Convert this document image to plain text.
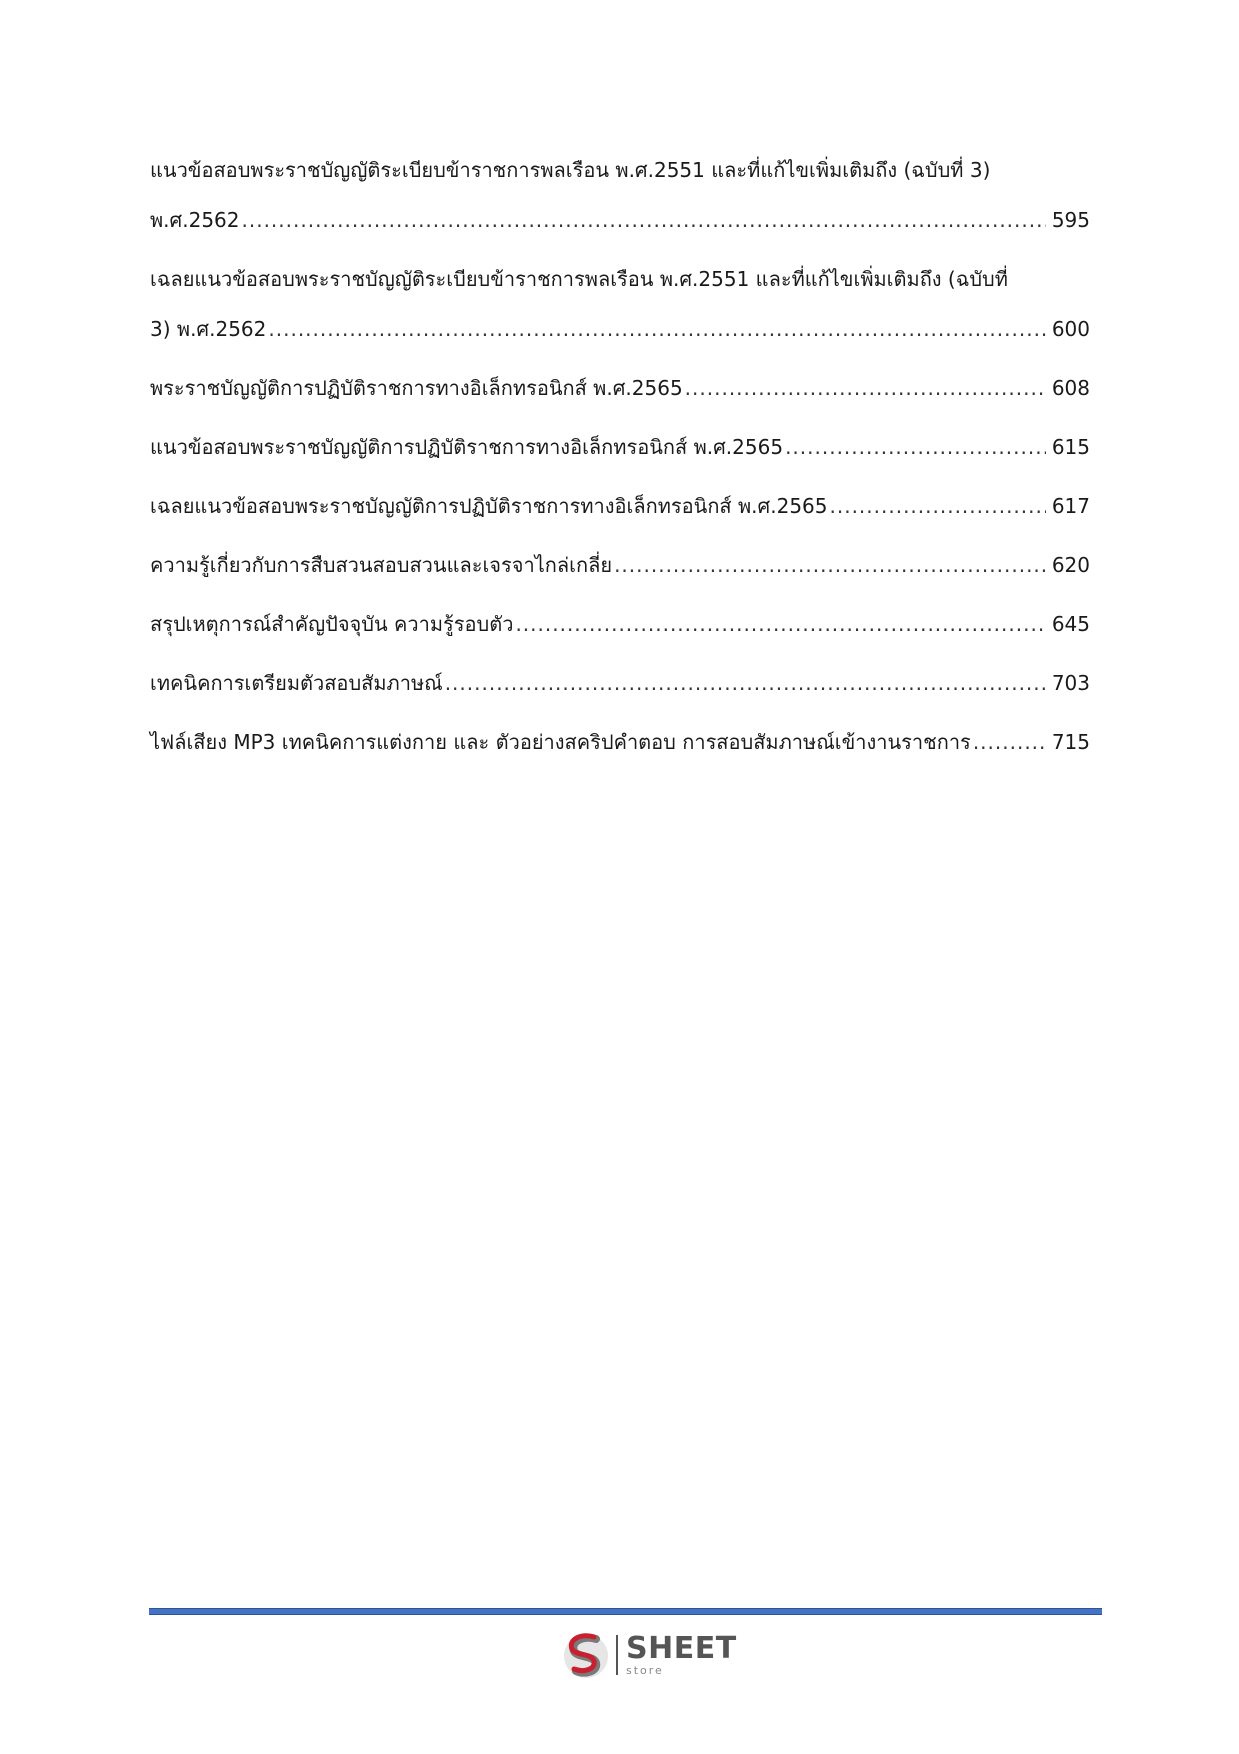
แนวข้อสอบพระราชบัญญัติระเบียบข้าราชการพลเรือน พ.ศ.2551 และที่แก้ไขเพิ่มเติมถึง (ฉบับที่ 3)
พ.ศ.2562 .....	595
เฉลยแนวข้อสอบพระราชบัญญัติระเบียบข้าราชการพลเรือน พ.ศ.2551 และที่แก้ไขเพิ่มเติมถึง (ฉบับที่
3) พ.ศ.2562 .....	600
พระราชบัญญัติการปฏิบัติราชการทางอิเล็กทรอนิกส์ พ.ศ.2565 .....	608
แนวข้อสอบพระราชบัญญัติการปฏิบัติราชการทางอิเล็กทรอนิกส์ พ.ศ.2565 .....	615
เฉลยแนวข้อสอบพระราชบัญญัติการปฏิบัติราชการทางอิเล็กทรอนิกส์ พ.ศ.2565 .....	617
ความรู้เกี่ยวกับการสืบสวนสอบสวนและเจรจาไกล่เกลี่ย .....	620
สรุปเหตุการณ์สำคัญปัจจุบัน ความรู้รอบตัว .....	645
เทคนิคการเตรียมตัวสอบสัมภาษณ์ .....	703
ไฟล์เสียง MP3 เทคนิคการแต่งกาย และ ตัวอย่างสคริปคำตอบ การสอบสัมภาษณ์เข้างานราชการ .....	715
SHEET
store
